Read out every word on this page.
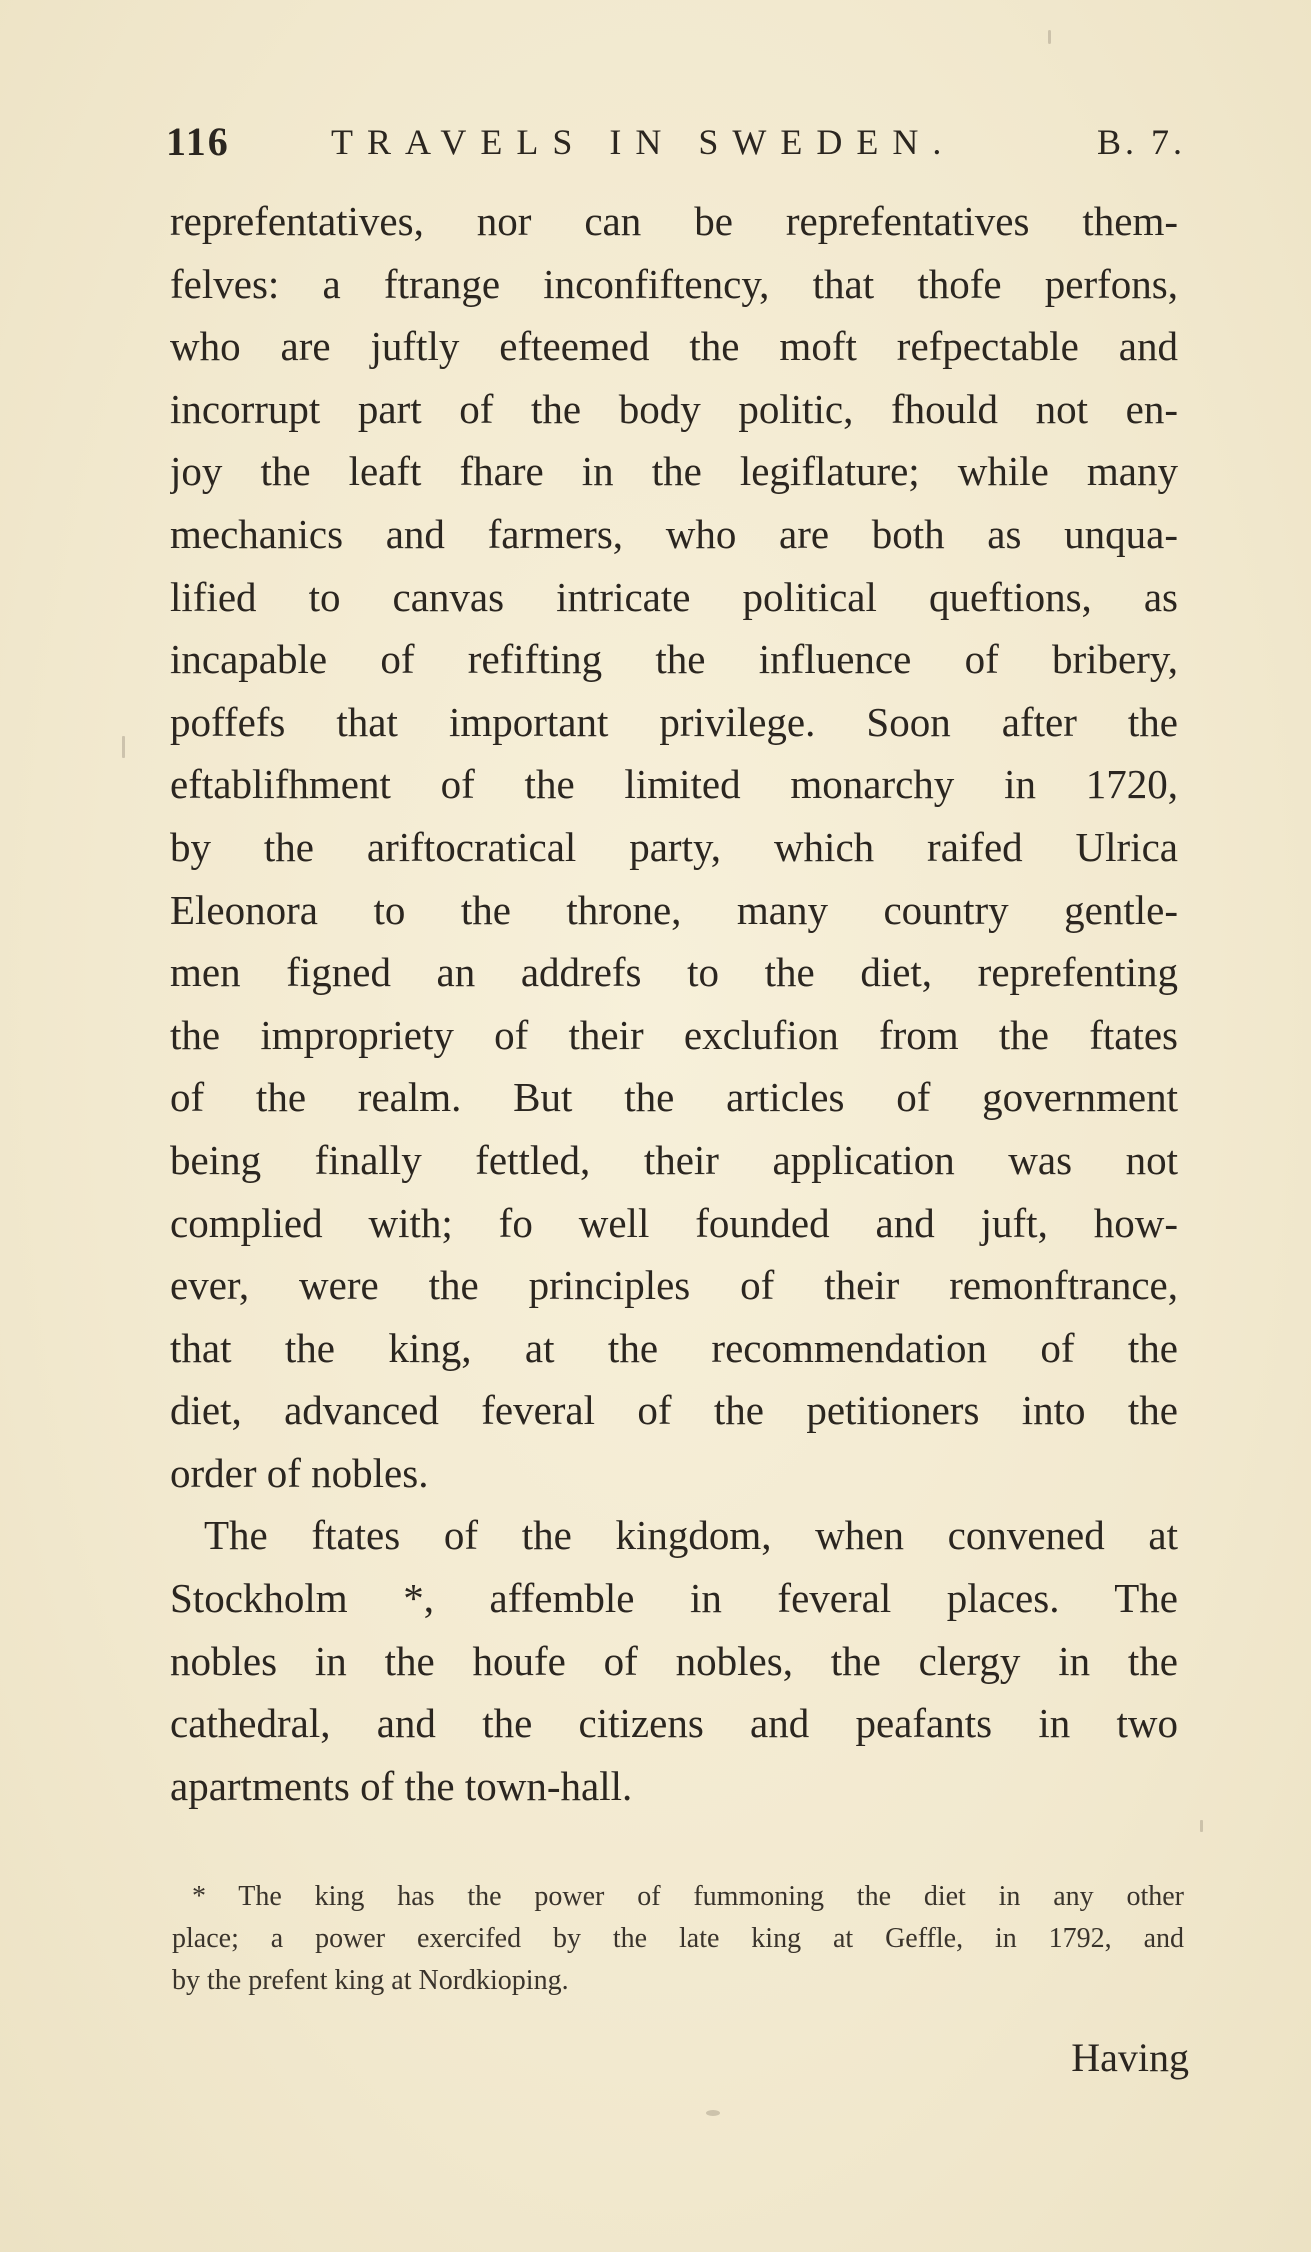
116	TRAVELS IN SWEDEN.	B. 7.
reprefentatives, nor can be reprefentatives them-
felves: a ftrange inconfiftency, that thofe perfons,
who are juftly efteemed the moft refpectable and
incorrupt part of the body politic, fhould not en-
joy the leaft fhare in the legiflature; while many
mechanics and farmers, who are both as unqua-
lified to canvas intricate political queftions, as
incapable of refifting the influence of bribery,
poffefs that important privilege. Soon after the
eftablifhment of the limited monarchy in 1720,
by the ariftocratical party, which raifed Ulrica
Eleonora to the throne, many country gentle-
men figned an addrefs to the diet, reprefenting
the impropriety of their exclufion from the ftates
of the realm. But the articles of government
being finally fettled, their application was not
complied with; fo well founded and juft, how-
ever, were the principles of their remonftrance,
that the king, at the recommendation of the
diet, advanced feveral of the petitioners into the
order of nobles.
The ftates of the kingdom, when convened at
Stockholm *, affemble in feveral places. The
nobles in the houfe of nobles, the clergy in the
cathedral, and the citizens and peafants in two
apartments of the town-hall.
* The king has the power of fummoning the diet in any other
place; a power exercifed by the late king at Geffle, in 1792, and
by the prefent king at Nordkioping.
Having
